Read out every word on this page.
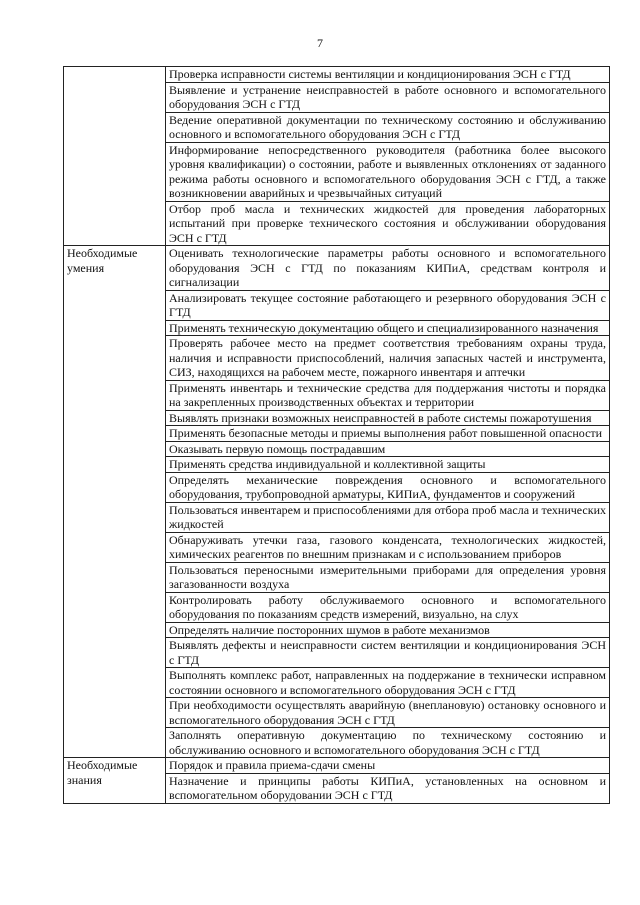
7
	Проверка исправности системы вентиляции и кондиционирования ЭСН с ГТД
	Выявление и устранение неисправностей в работе основного и вспомогательного оборудования ЭСН с ГТД
	Ведение оперативной документации по техническому состоянию и обслуживанию основного и вспомогательного оборудования ЭСН с ГТД
	Информирование непосредственного руководителя (работника более высокого уровня квалификации) о состоянии, работе и выявленных отклонениях от заданного режима работы основного и вспомогательного оборудования ЭСН с ГТД, а также возникновении аварийных и чрезвычайных ситуаций
	Отбор проб масла и технических жидкостей для проведения лабораторных испытаний при проверке технического состояния и обслуживании оборудования ЭСН с ГТД
Необходимые умения	Оценивать технологические параметры работы основного и вспомогательного оборудования ЭСН с ГТД по показаниям КИПиА, средствам контроля и сигнализации
	Анализировать текущее состояние работающего и резервного оборудования ЭСН с ГТД
	Применять техническую документацию общего и специализированного назначения
	Проверять рабочее место на предмет соответствия требованиям охраны труда, наличия и исправности приспособлений, наличия запасных частей и инструмента, СИЗ, находящихся на рабочем месте, пожарного инвентаря и аптечки
	Применять инвентарь и технические средства для поддержания чистоты и порядка на закрепленных производственных объектах и территории
	Выявлять признаки возможных неисправностей в работе системы пожаротушения
	Применять безопасные методы и приемы выполнения работ повышенной опасности
	Оказывать первую помощь пострадавшим
	Применять средства индивидуальной и коллективной защиты
	Определять механические повреждения основного и вспомогательного оборудования, трубопроводной арматуры, КИПиА, фундаментов и сооружений
	Пользоваться инвентарем и приспособлениями для отбора проб масла и технических жидкостей
	Обнаруживать утечки газа, газового конденсата, технологических жидкостей, химических реагентов по внешним признакам и с использованием приборов
	Пользоваться переносными измерительными приборами для определения уровня загазованности воздуха
	Контролировать работу обслуживаемого основного и вспомогательного оборудования по показаниям средств измерений, визуально, на слух
	Определять наличие посторонних шумов в работе механизмов
	Выявлять дефекты и неисправности систем вентиляции и кондиционирования ЭСН с ГТД
	Выполнять комплекс работ, направленных на поддержание в технически исправном состоянии основного и вспомогательного оборудования ЭСН с ГТД
	При необходимости осуществлять аварийную (внеплановую) остановку основного и вспомогательного оборудования ЭСН с ГТД
	Заполнять оперативную документацию по техническому состоянию и обслуживанию основного и вспомогательного оборудования ЭСН с ГТД
Необходимые знания	Порядок и правила приема-сдачи смены
	Назначение и принципы работы КИПиА, установленных на основном и вспомогательном оборудовании ЭСН с ГТД
